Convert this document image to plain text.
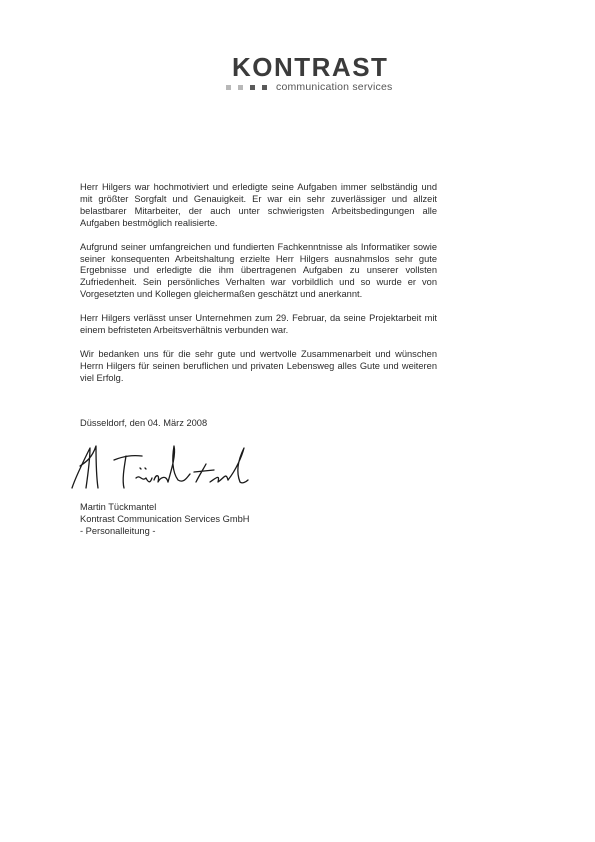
KONTRAST
communication services

Herr Hilgers war hochmotiviert und erledigte seine Aufgaben immer selbständig und mit größter Sorgfalt und Genauigkeit. Er war ein sehr zuverlässiger und allzeit belastbarer Mitarbeiter, der auch unter schwierigsten Arbeitsbedingungen alle Aufgaben bestmöglich realisierte.

Aufgrund seiner umfangreichen und fundierten Fachkenntnisse als Informatiker sowie seiner konsequenten Arbeitshaltung erzielte Herr Hilgers ausnahmslos sehr gute Ergebnisse und erledigte die ihm übertragenen Aufgaben zu unserer vollsten Zufriedenheit. Sein persönliches Verhalten war vorbildlich und so wurde er von Vorgesetzten und Kollegen gleichermaßen geschätzt und anerkannt.

Herr Hilgers verlässt unser Unternehmen zum 29. Februar, da seine Projektarbeit mit einem befristeten Arbeitsverhältnis verbunden war.

Wir bedanken uns für die sehr gute und wertvolle Zusammenarbeit und wünschen Herrn Hilgers für seinen beruflichen und privaten Lebensweg alles Gute und weiteren viel Erfolg.

Düsseldorf, den 04. März 2008
Martin Tückmantel
Kontrast Communication Services GmbH
- Personalleitung -
